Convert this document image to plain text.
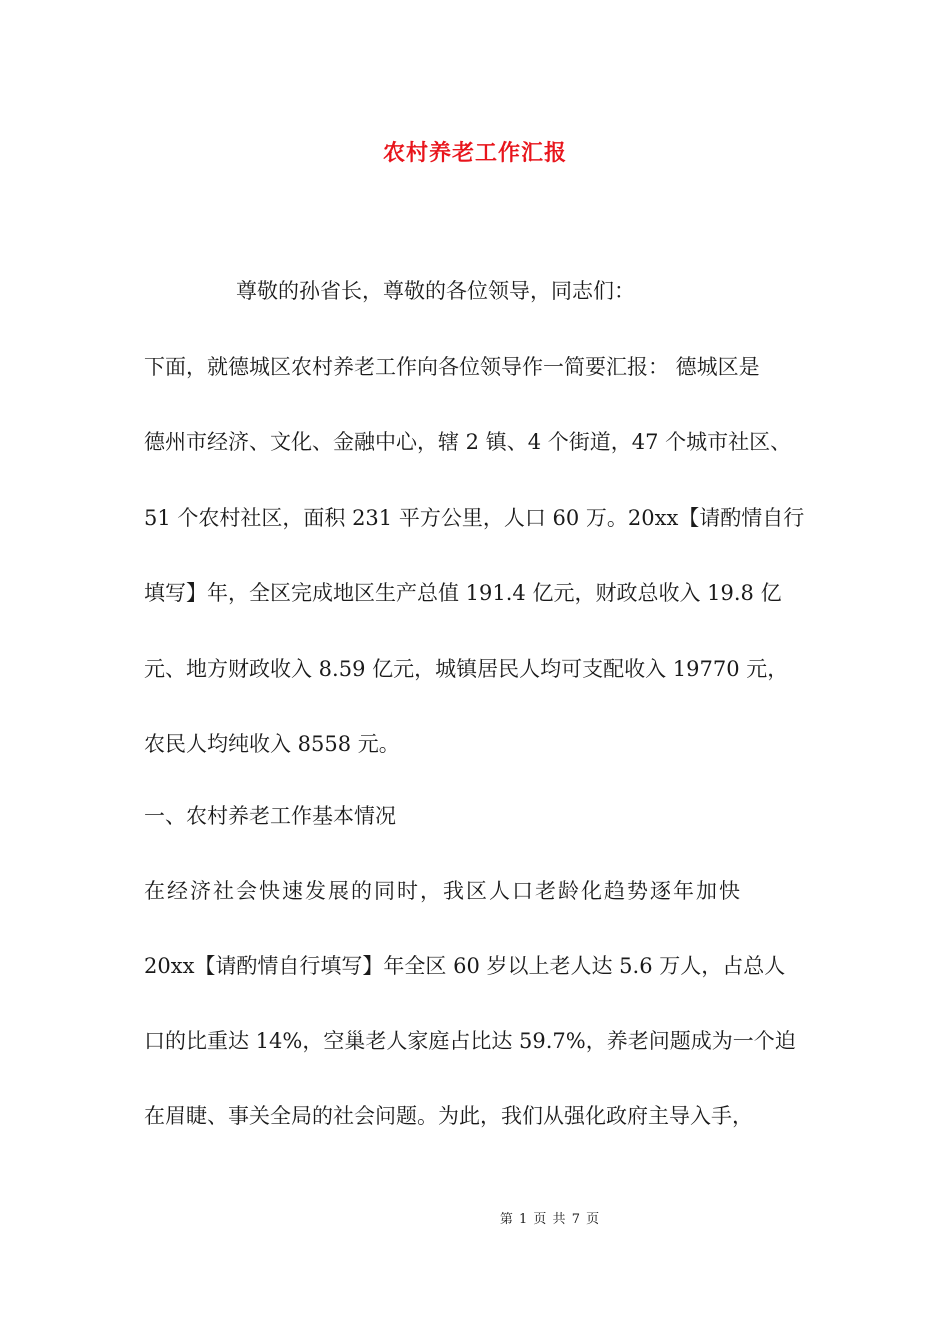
农村养老工作汇报
尊敬的孙省长，尊敬的各位领导，同志们：
下面，就德城区农村养老工作向各位领导作一简要汇报： 德城区是
德州市经济、文化、金融中心，辖 2 镇、4 个街道，47 个城市社区、
51 个农村社区，面积 231 平方公里，人口 60 万。20xx【请酌情自行
填写】年，全区完成地区生产总值 191.4 亿元，财政总收入 19.8 亿
元、地方财政收入 8.59 亿元，城镇居民人均可支配收入 19770 元，
农民人均纯收入 8558 元。
一、农村养老工作基本情况
在经济社会快速发展的同时，我区人口老龄化趋势逐年加快
20xx【请酌情自行填写】年全区 60 岁以上老人达 5.6 万人，占总人
口的比重达 14%，空巢老人家庭占比达 59.7%，养老问题成为一个迫
在眉睫、事关全局的社会问题。为此，我们从强化政府主导入手，
第 1 页 共 7 页
